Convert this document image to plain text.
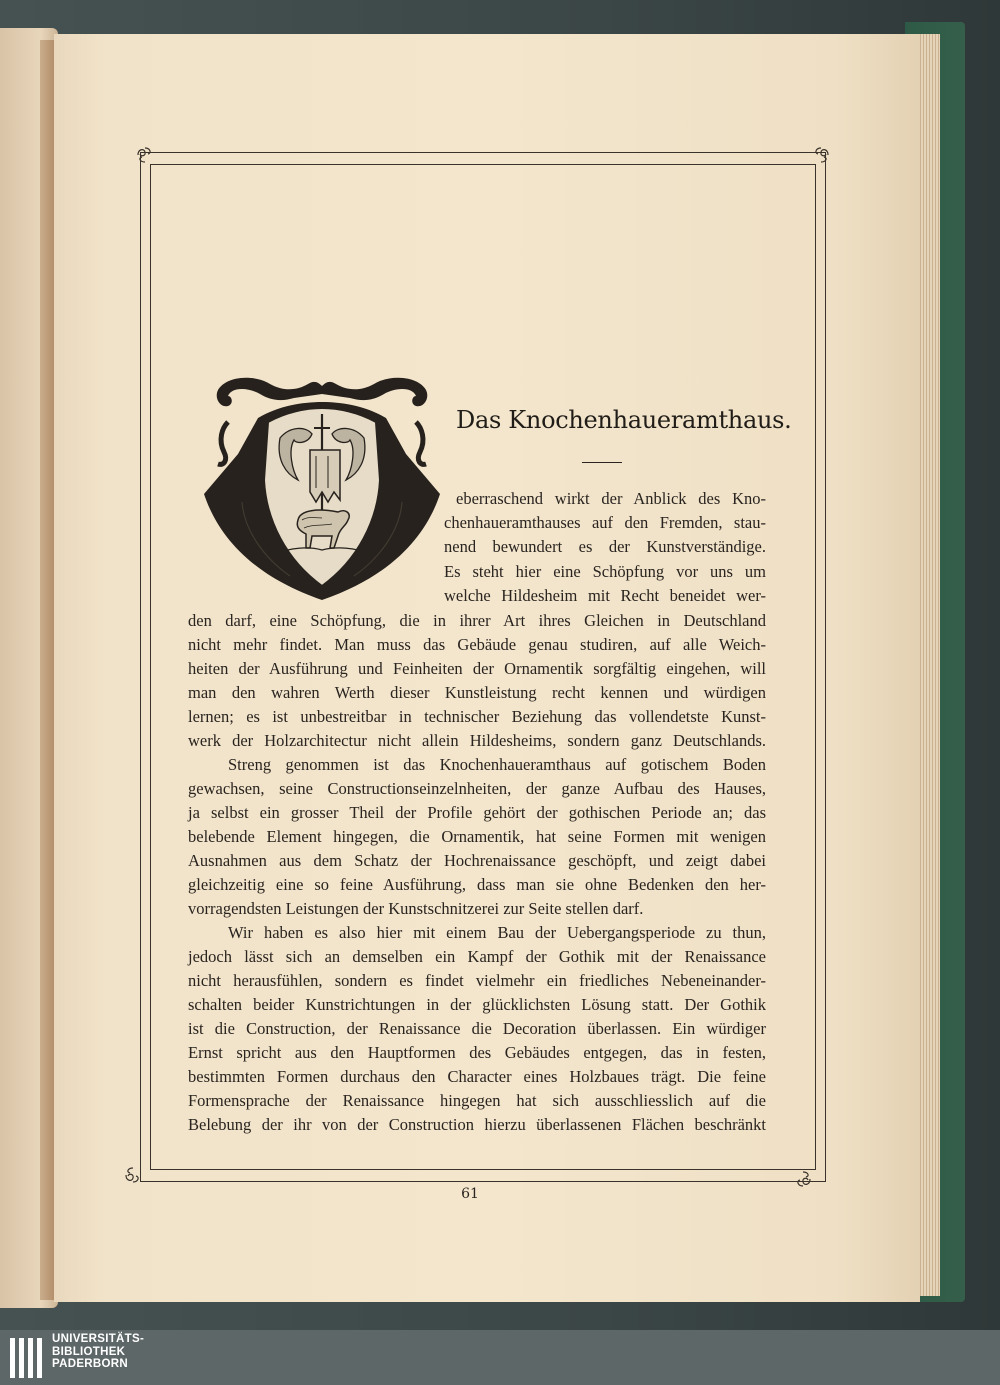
Das Knochenhaueramthaus.
eberraschend wirkt der Anblick des Kno-
chenhaueramthauses auf den Fremden, stau-
nend bewundert es der Kunstverständige.
Es steht hier eine Schöpfung vor uns um
welche Hildesheim mit Recht beneidet wer-
den darf, eine Schöpfung, die in ihrer Art ihres Gleichen in Deutschland
nicht mehr findet. Man muss das Gebäude genau studiren, auf alle Weich-
heiten der Ausführung und Feinheiten der Ornamentik sorgfältig eingehen, will
man den wahren Werth dieser Kunstleistung recht kennen und würdigen
lernen; es ist unbestreitbar in technischer Beziehung das vollendetste Kunst-
werk der Holzarchitectur nicht allein Hildesheims, sondern ganz Deutschlands.
Streng genommen ist das Knochenhaueramthaus auf gotischem Boden
gewachsen, seine Constructionseinzelnheiten, der ganze Aufbau des Hauses,
ja selbst ein grosser Theil der Profile gehört der gothischen Periode an; das
belebende Element hingegen, die Ornamentik, hat seine Formen mit wenigen
Ausnahmen aus dem Schatz der Hochrenaissance geschöpft, und zeigt dabei
gleichzeitig eine so feine Ausführung, dass man sie ohne Bedenken den her-
vorragendsten Leistungen der Kunstschnitzerei zur Seite stellen darf.
Wir haben es also hier mit einem Bau der Uebergangsperiode zu thun,
jedoch lässt sich an demselben ein Kampf der Gothik mit der Renaissance
nicht herausfühlen, sondern es findet vielmehr ein friedliches Nebeneinander-
schalten beider Kunstrichtungen in der glücklichsten Lösung statt. Der Gothik
ist die Construction, der Renaissance die Decoration überlassen. Ein würdiger
Ernst spricht aus den Hauptformen des Gebäudes entgegen, das in festen,
bestimmten Formen durchaus den Character eines Holzbaues trägt. Die feine
Formensprache der Renaissance hingegen hat sich ausschliesslich auf die
Belebung der ihr von der Construction hierzu überlassenen Flächen beschränkt
61
UNIVERSITÄTS-
BIBLIOTHEK
PADERBORN
